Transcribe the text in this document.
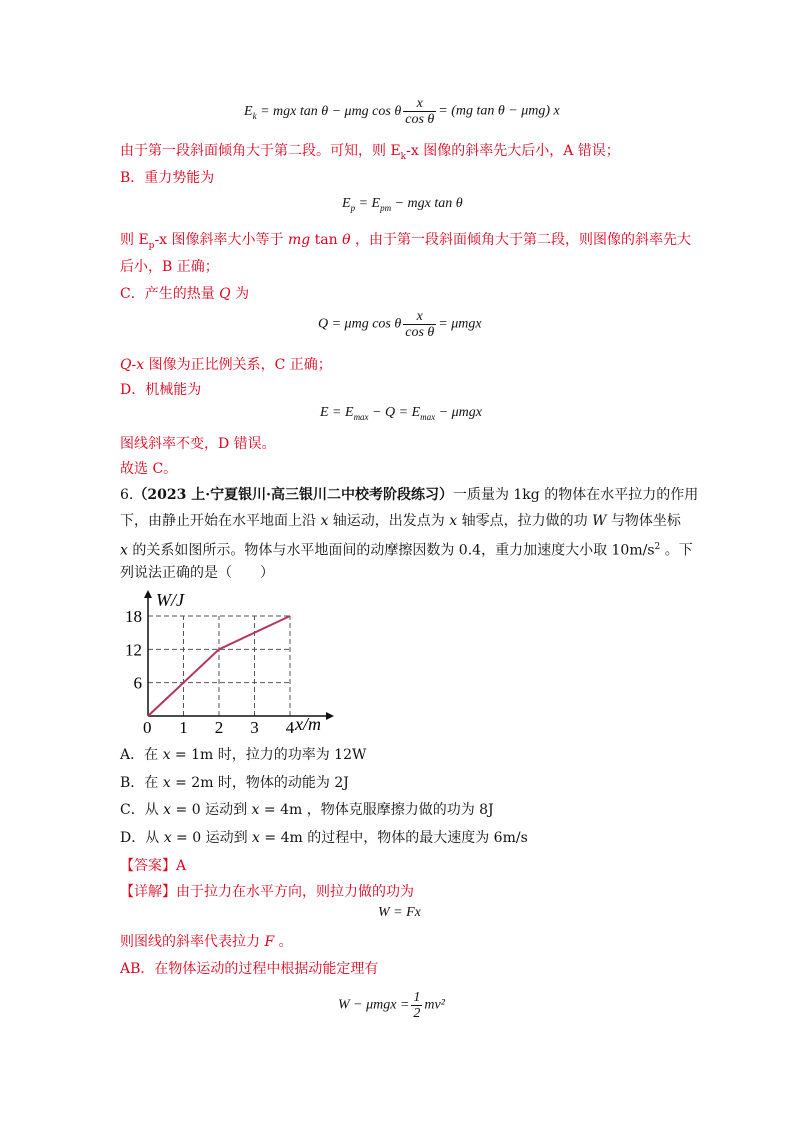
$E_k$ = mgx tan θ − μmg cos θ $\frac{x}{\text{cos θ}} = (mg$ tan θ − μmg) x
由于第一段斜面倾角大于第二段。可知，则 $E_k-x$ 图像的斜率先大后小，A 错误；
B．重力势能为
$E_p = E_{pm}$ − mgx tan θ
则 $E_p-x$ 图像斜率大小等于 mg tan θ ，由于第一段斜面倾角大于第二段，则图像的斜率先大
后小，B 正确；
C．产生的热量 Q 为
Q = μmg cos θ $\frac{x}{\text{cos θ}} = \mu mgx$
Q-x 图像为正比例关系，C 正确；
D．机械能为
$E = E_{max} - Q = E_{max} - \mu mgx$
图线斜率不变，D 错误。
故选 C。
6.（2023 上·宁夏银川·高三银川二中校考阶段练习）一质量为 1kg 的物体在水平拉力的作用
下，由静止开始在水平地面上沿 x 轴运动，出发点为 x 轴零点，拉力做的功 W 与物体坐标
x 的关系如图所示。物体与水平地面间的动摩擦因数为 0.4，重力加速度大小取 $10m/s^2$ 。下
列说法正确的是（　　）
W/J
x/m
0
6
12
18
1 2 3 4
A．在 x = 1m 时，拉力的功率为 12W
B．在 x = 2m 时，物体的动能为 2J
C．从 x = 0 运动到 x = 4m ，物体克服摩擦力做的功为 8J
D．从 x = 0 运动到 x = 4m 的过程中，物体的最大速度为 6m/s
【答案】A
【详解】由于拉力在水平方向，则拉力做的功为
W = Fx
则图线的斜率代表拉力 F 。
AB．在物体运动的过程中根据动能定理有
$W - \mu mgx = \frac{1}{2} mv^2$
